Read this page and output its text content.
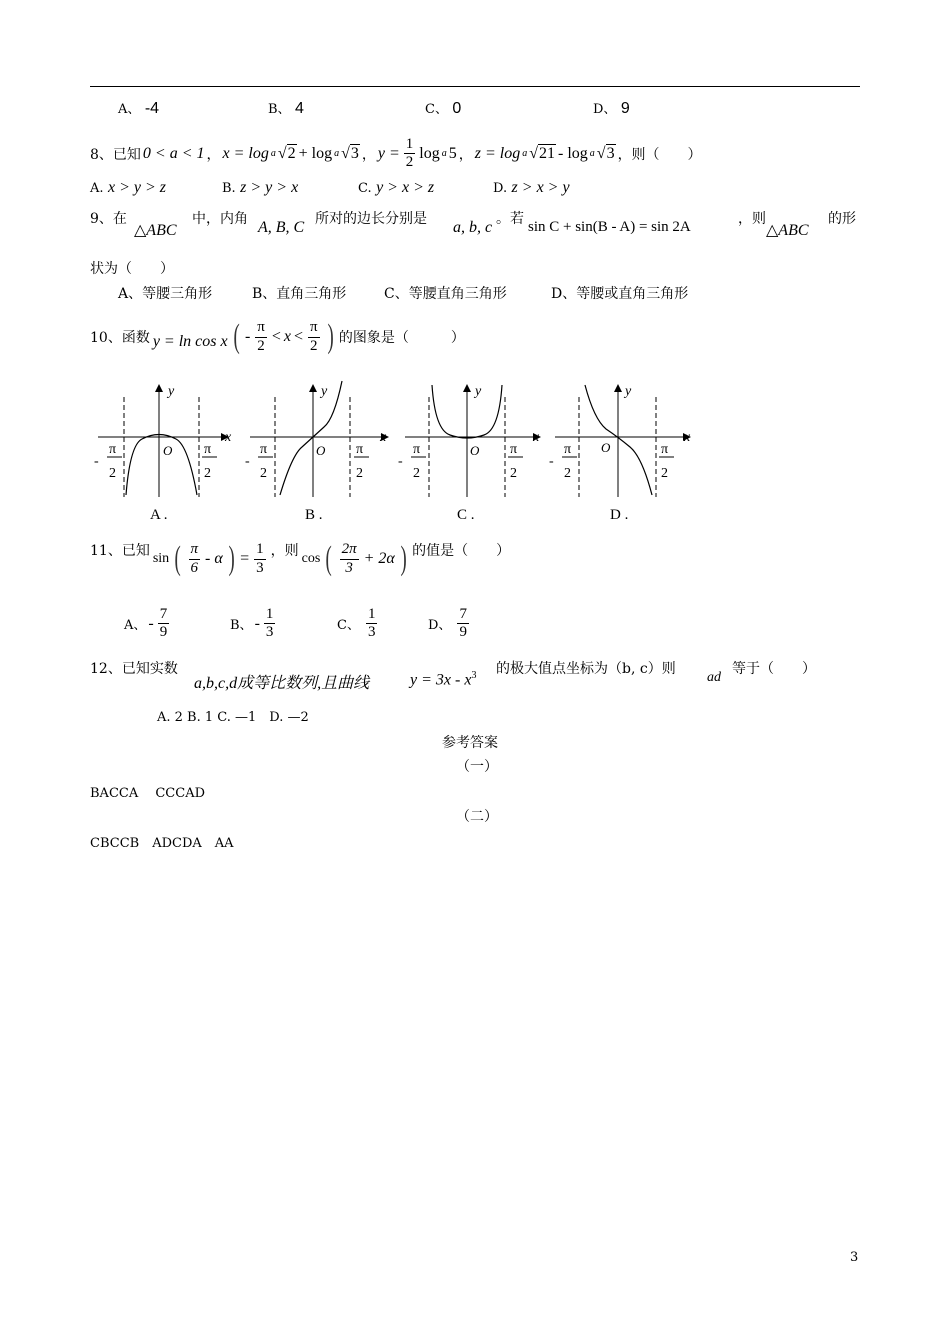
A、 -4	B、 4	C、 0	D、 9
8、已知 0 < a < 1 ， x = log a √2 + log a √3 ， $y = \frac{1}{2}$ log a 5 ， z = log a √21 - log a √3 ，则（　　）
A. x > y > z	B. z > y > x	C. y > x > z	D. z > x > y
9、在
△ABC
中，内角 A, B, C 所对的边长分别是 a, b, c 。若 sin C + sin(B - A) = sin 2A	，则
△ABC
的形
状为（　　）
A、等腰三角形	B、直角三角形	C、等腰直角三角形	D、等腰或直角三角形
10、函数 y = ln cos x ( - $\frac{\pi}{2} < x < \frac{\pi}{2}$ ) 的图象是（　　　）
x
y
O
-
π
2
π
2
A .
x
y
O
-
π
2
π
2
B .
x
y
O
-
π
2
π
2
C .
x
y
O
-
π
2
π
2
D .
11、已知 sin ( $\frac{\pi}{6}$ - α ) = $\frac{1}{3}$ ，则 cos ( $\frac{2\pi}{3} + 2\alpha$ ) 的值是（　　）
A、 - $\frac{7}{9}$	B、 - $\frac{1}{3}$	C、 $\frac{1}{3}$	D、 $\frac{7}{9}$
12、已知实数
a,b,c,d成等比数列,且曲线	$y = 3x - x^3$ 的极大值点坐标为（b, c）则
ad
等于（　　）
A. 2 B. 1 C. —1　D. —2
参考答案
（一）
BACCA　 CCCAD
（二）
CBCCB　ADCDA　AA
3
